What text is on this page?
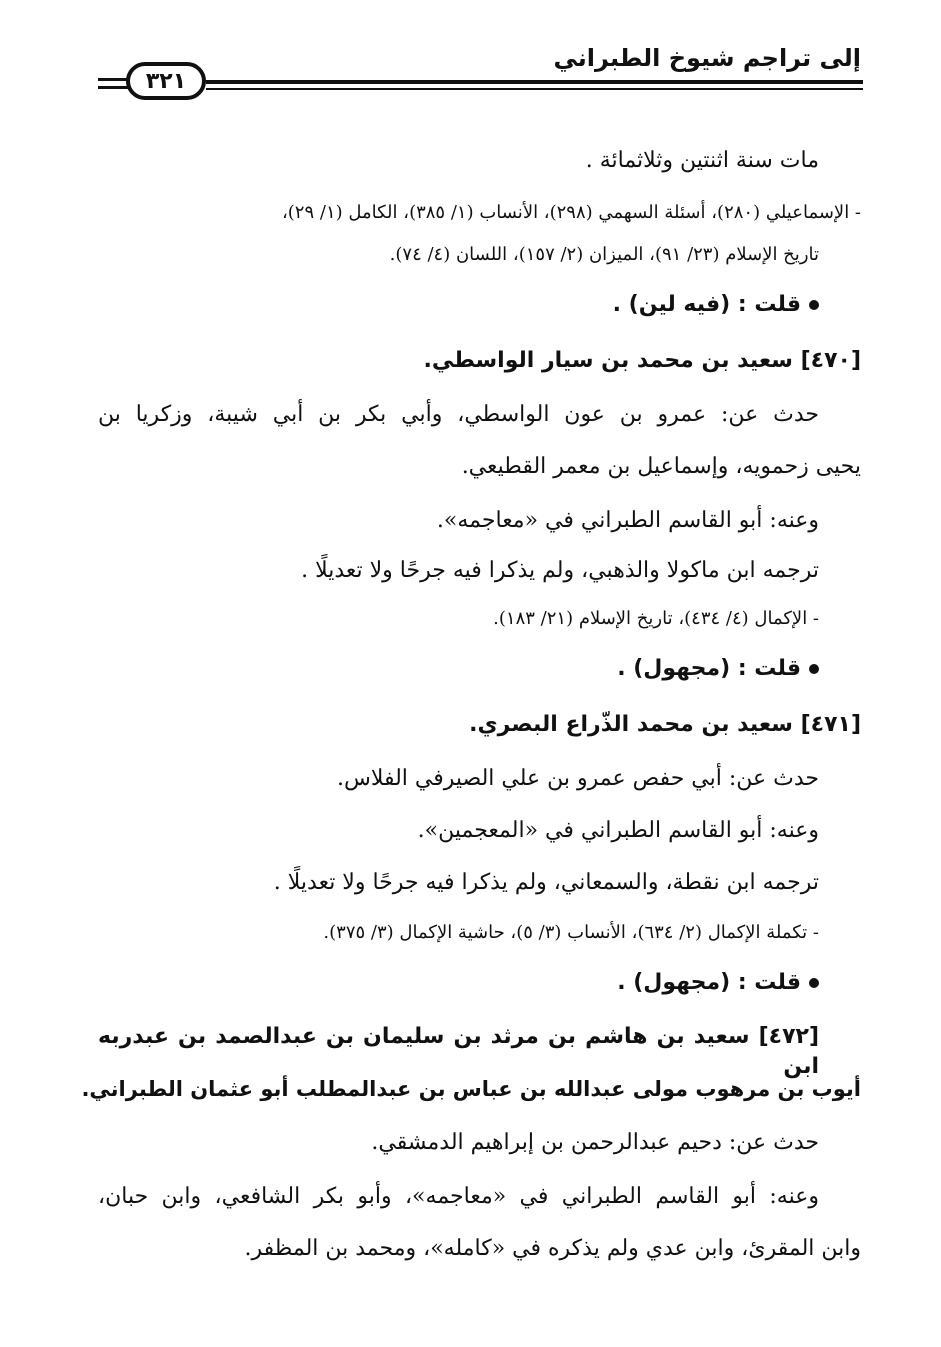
إلى تراجم شيوخ الطبراني
٣٢١
مات سنة اثنتين وثلاثمائة .
- الإسماعيلي (٢٨٠)، أسئلة السهمي (٢٩٨)، الأنساب (١/ ٣٨٥)، الكامل (١/ ٢٩)،
تاريخ الإسلام (٢٣/ ٩١)، الميزان (٢/ ١٥٧)، اللسان (٤/ ٧٤).
قلت : (فيه لين) .
[٤٧٠] سعيد بن محمد بن سيار الواسطي.
حدث عن: عمرو بن عون الواسطي، وأبي بكر بن أبي شيبة، وزكريا بن
يحيى زحمويه، وإسماعيل بن معمر القطيعي.
وعنه: أبو القاسم الطبراني في «معاجمه».
ترجمه ابن ماكولا والذهبي، ولم يذكرا فيه جرحًا ولا تعديلًا .
- الإكمال (٤/ ٤٣٤)، تاريخ الإسلام (٢١/ ١٨٣).
قلت : (مجهول) .
[٤٧١] سعيد بن محمد الذّراع البصري.
حدث عن: أبي حفص عمرو بن علي الصيرفي الفلاس.
وعنه: أبو القاسم الطبراني في «المعجمين».
ترجمه ابن نقطة، والسمعاني، ولم يذكرا فيه جرحًا ولا تعديلًا .
- تكملة الإكمال (٢/ ٦٣٤)، الأنساب (٣/ ٥)، حاشية الإكمال (٣/ ٣٧٥).
قلت : (مجهول) .
[٤٧٢] سعيد بن هاشم بن مرثد بن سليمان بن عبدالصمد بن عبدربه ابن
أيوب بن مرهوب مولى عبدالله بن عباس بن عبدالمطلب أبو عثمان الطبراني.
حدث عن: دحيم عبدالرحمن بن إبراهيم الدمشقي.
وعنه: أبو القاسم الطبراني في «معاجمه»، وأبو بكر الشافعي، وابن حبان،
وابن المقرئ، وابن عدي ولم يذكره في «كامله»، ومحمد بن المظفر.
